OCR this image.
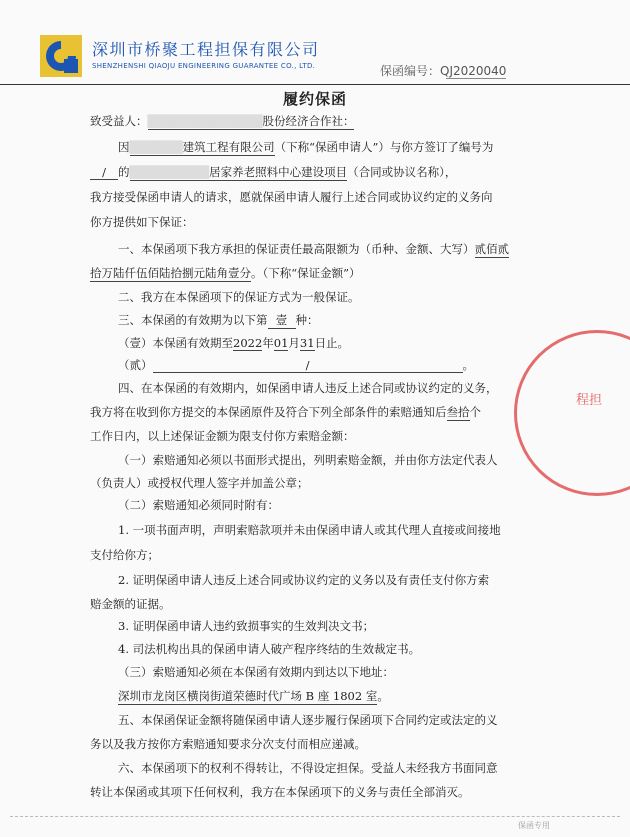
深圳市桥聚工程担保有限公司
SHENZHENSHI QIAOJU ENGINEERING GUARANTEE CO., LTD.	保函编号：QJ2020040
履约保函
致受益人：█████████████股份经济合作社：
因██████建筑工程有限公司（下称“保函申请人”）与你方签订了编号为
/ 的█████████居家养老照料中心建设项目（合同或协议名称），
我方接受保函申请人的请求，愿就保函申请人履行上述合同或协议约定的义务向
你方提供如下保证：
一、本保函项下我方承担的保证责任最高限额为（币种、金额、大写）贰佰贰
拾万陆仟伍佰陆拾捌元陆角壹分。（下称“保证金额”）
二、我方在本保函项下的保证方式为一般保证。
三、本保函的有效期为以下第 壹 种：
（壹）本保函有效期至2022年01月31日止。
（贰）	/	。
四、在本保函的有效期内，如保函申请人违反上述合同或协议约定的义务，
我方将在收到你方提交的本保函原件及符合下列全部条件的索赔通知后叁拾个
工作日内，以上述保证金额为限支付你方索赔金额：
（一）索赔通知必须以书面形式提出，列明索赔金额，并由你方法定代表人
（负责人）或授权代理人签字并加盖公章；
（二）索赔通知必须同时附有：
1. 一项书面声明，声明索赔款项并未由保函申请人或其代理人直接或间接地
支付给你方；
2. 证明保函申请人违反上述合同或协议约定的义务以及有责任支付你方索
赔金额的证据。
3. 证明保函申请人违约致损事实的生效判决文书；
4. 司法机构出具的保函申请人破产程序终结的生效裁定书。
（三）索赔通知必须在本保函有效期内到达以下地址：
深圳市龙岗区横岗街道荣德时代广场 B 座 1802 室。
五、本保函保证金额将随保函申请人逐步履行保函项下合同约定或法定的义
务以及我方按你方索赔通知要求分次支付而相应递减。
六、本保函项下的权利不得转让，不得设定担保。受益人未经我方书面同意
转让本保函或其项下任何权利，我方在本保函项下的义务与责任全部消灭。
程担
保函专用
